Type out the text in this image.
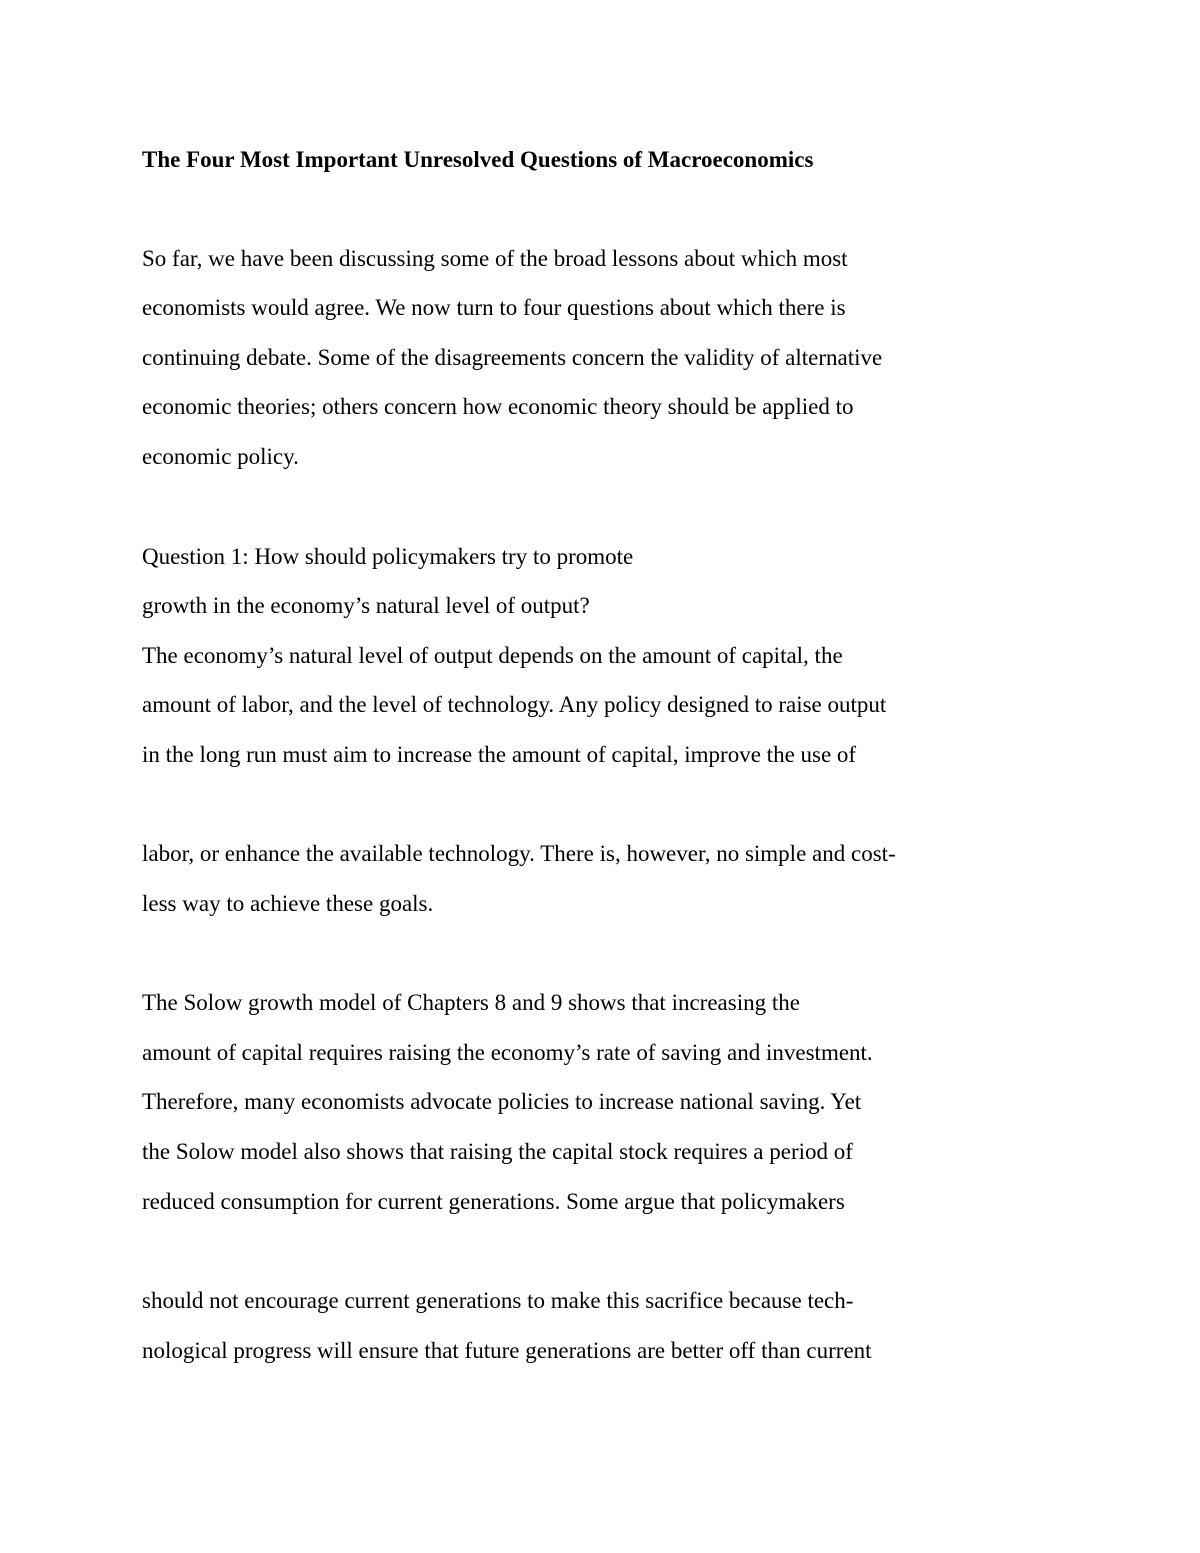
The Four Most Important Unresolved Questions of Macroeconomics
So far, we have been discussing some of the broad lessons about which most
economists would agree. We now turn to four questions about which there is
continuing debate. Some of the disagreements concern the validity of alternative
economic theories; others concern how economic theory should be applied to
economic policy.
Question 1: How should policymakers try to promote
growth in the economy’s natural level of output?
The economy’s natural level of output depends on the amount of capital, the
amount of labor, and the level of technology. Any policy designed to raise output
in the long run must aim to increase the amount of capital, improve the use of
labor, or enhance the available technology. There is, however, no simple and cost-
less way to achieve these goals.
The Solow growth model of Chapters 8 and 9 shows that increasing the
amount of capital requires raising the economy’s rate of saving and investment.
Therefore, many economists advocate policies to increase national saving. Yet
the Solow model also shows that raising the capital stock requires a period of
reduced consumption for current generations. Some argue that policymakers
should not encourage current generations to make this sacrifice because tech-
nological progress will ensure that future generations are better off than current
